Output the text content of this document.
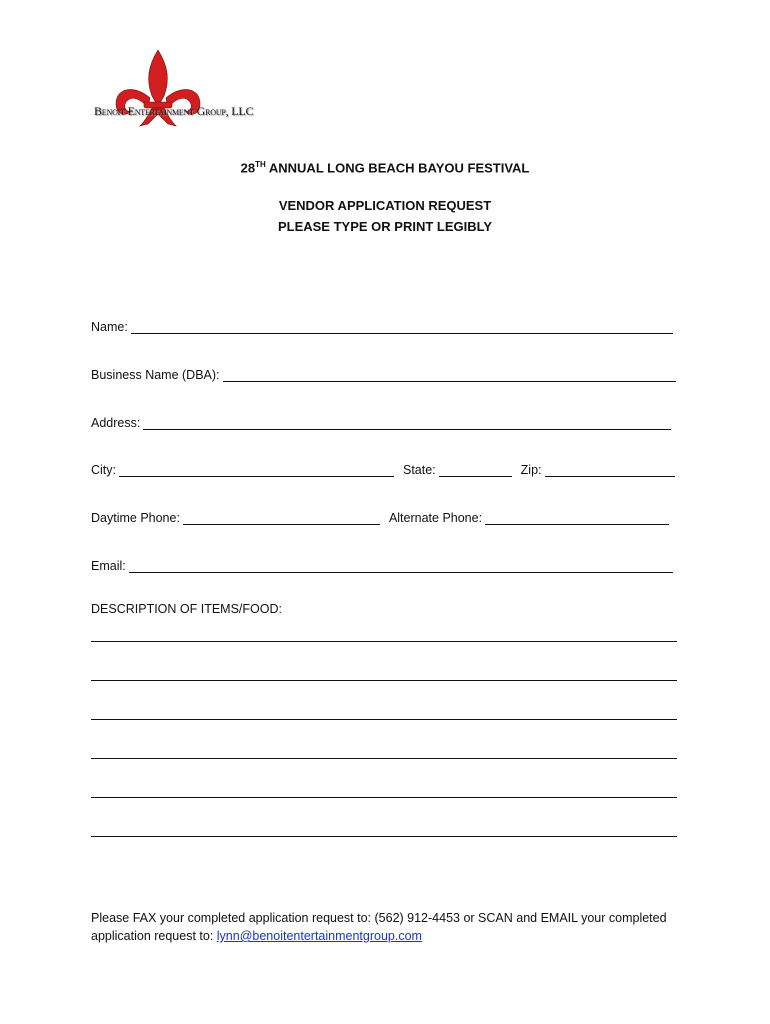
Benoit Entertainment Group, LLC
28TH ANNUAL LONG BEACH BAYOU FESTIVAL
VENDOR APPLICATION REQUEST
PLEASE TYPE OR PRINT LEGIBLY
Name:
Business Name (DBA):
Address:
City:	State:	Zip:
Daytime Phone:	Alternate Phone:
Email:
DESCRIPTION OF ITEMS/FOOD:
Please FAX your completed application request to: (562) 912-4453 or SCAN and EMAIL your completed application request to: lynn@benoitentertainmentgroup.com
